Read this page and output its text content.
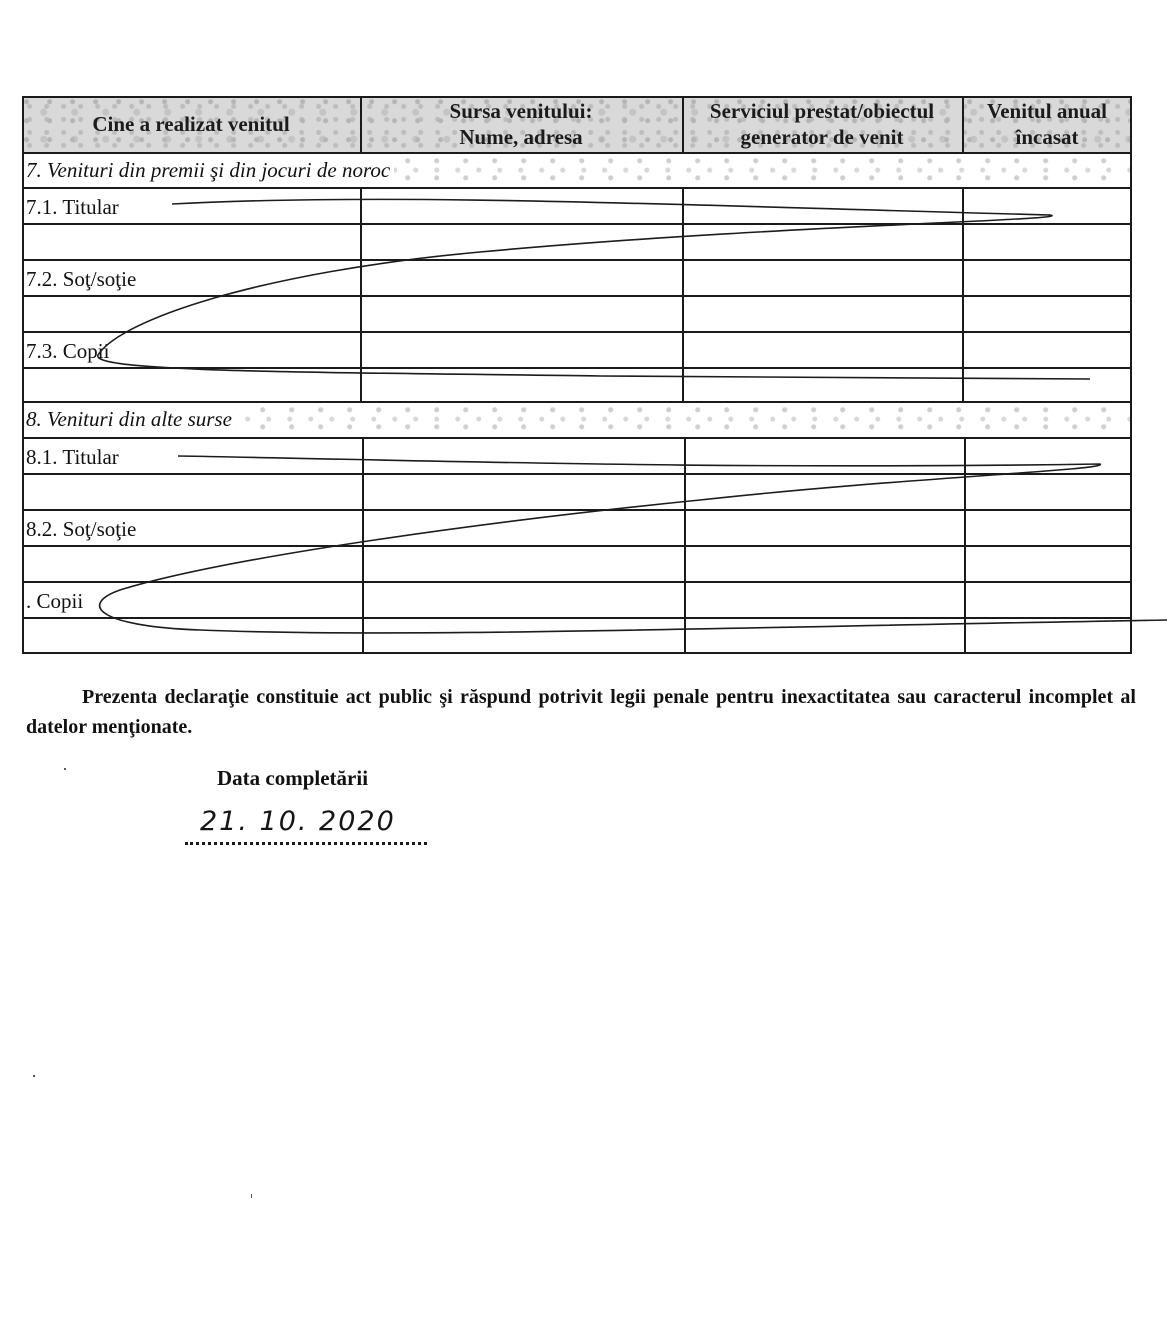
Cine a realizat venitul
Sursa venitului: Nume, adresa
Serviciul prestat/obiectul generator de venit
Venitul anual încasat
7. Venituri din premii şi din jocuri de noroc
7.1. Titular
7.2. Soţ/soţie
7.3. Copii
8. Venituri din alte surse
8.1. Titular
8.2. Soţ/soţie
. Copii

Prezenta declaraţie constituie act public şi răspund potrivit legii penale pentru inexactitatea sau caracterul incomplet al datelor menţionate.

Data completării
21. 10. 2020
